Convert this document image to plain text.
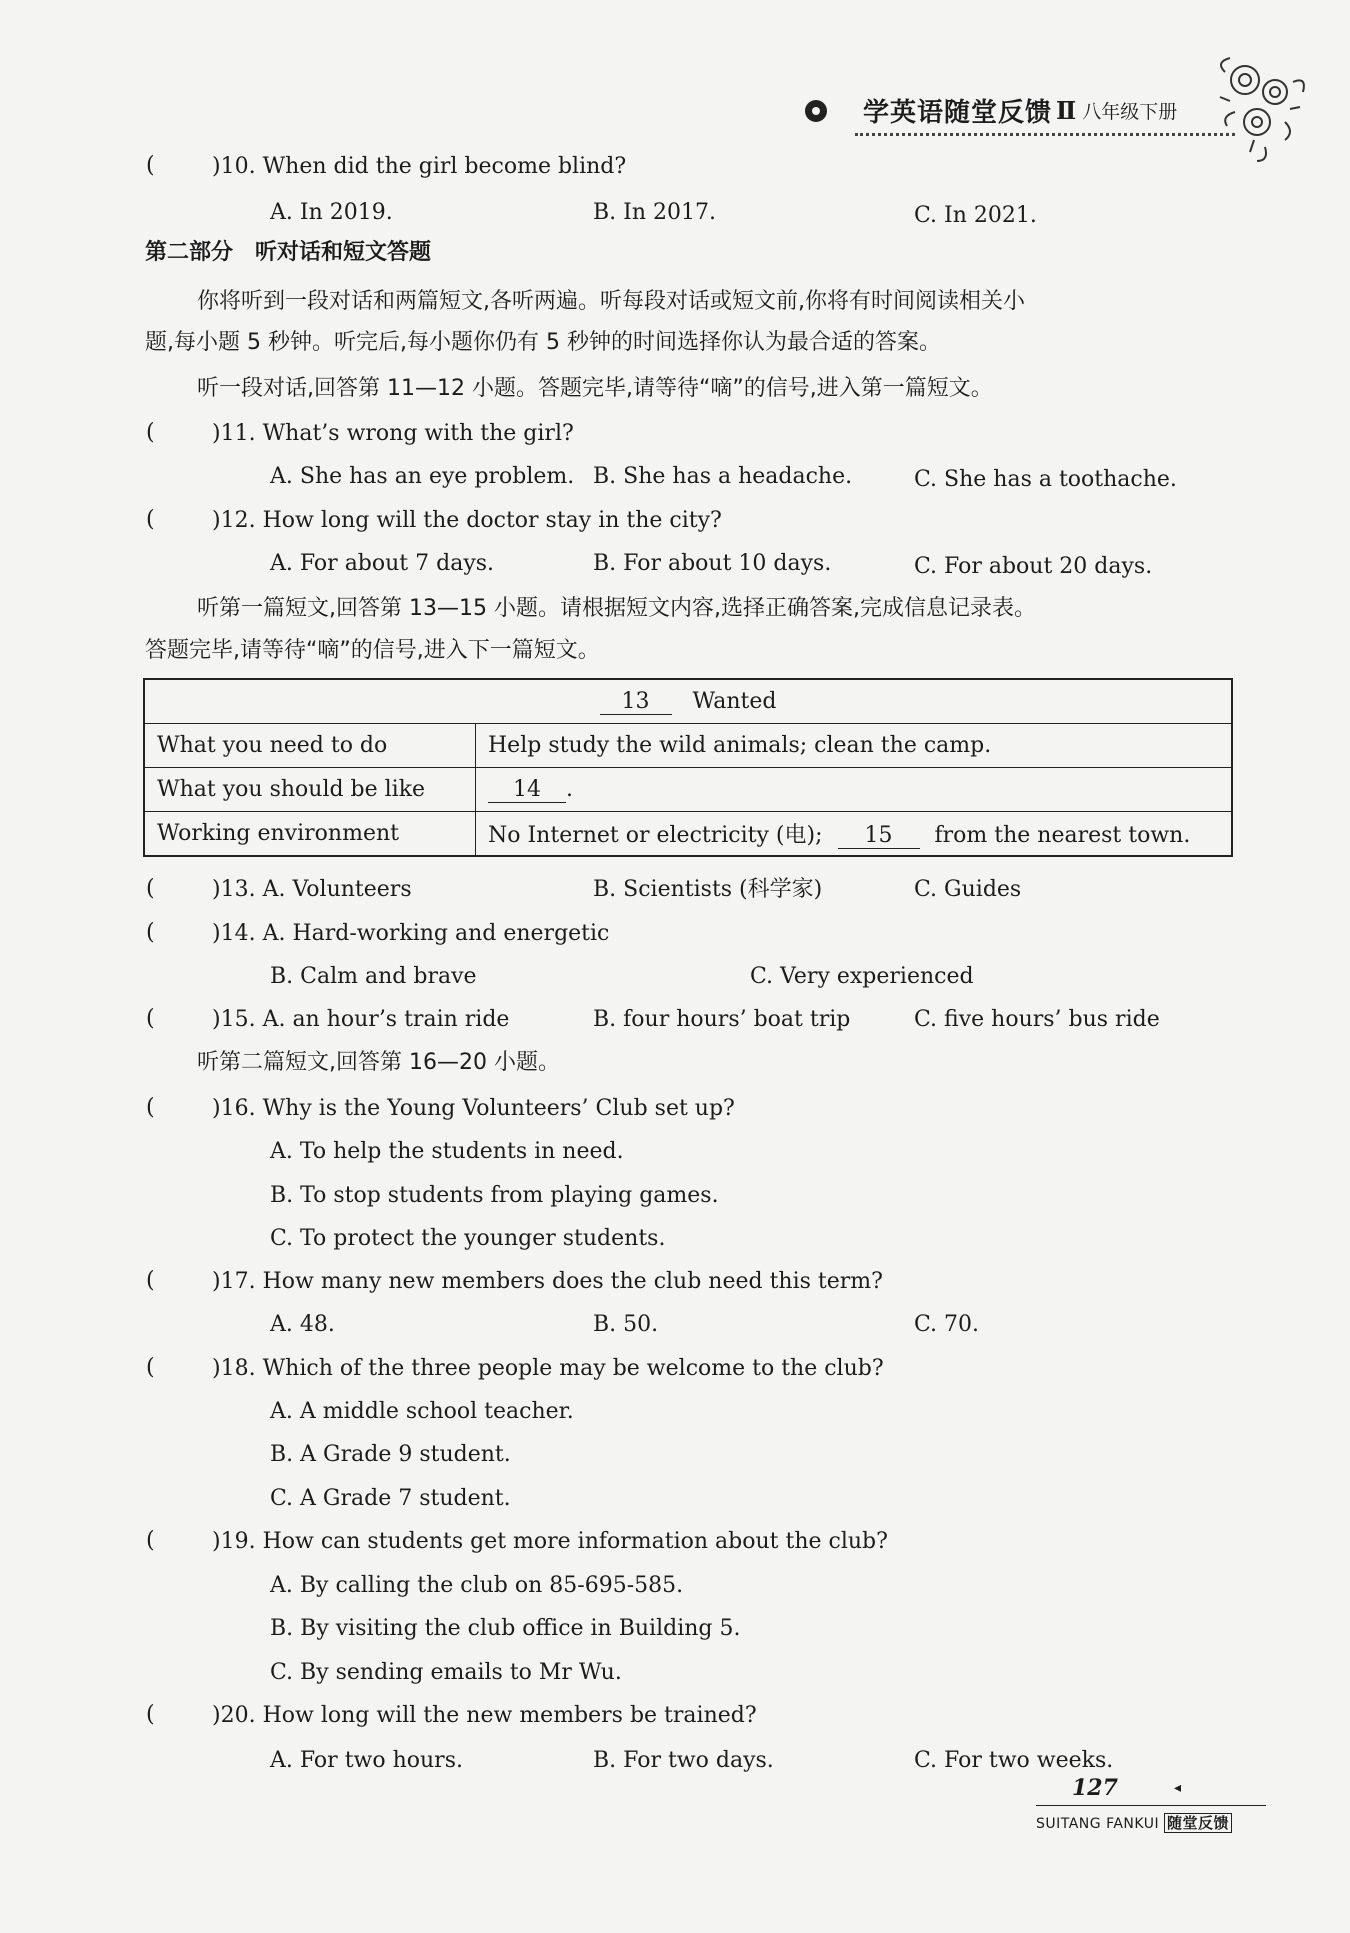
学英语随堂反馈 Ⅱ 八年级下册
(	)10. When did the girl become blind?
A. In 2019.	B. In 2017.	C. In 2021.
第二部分　听对话和短文答题
你将听到一段对话和两篇短文,各听两遍。听每段对话或短文前,你将有时间阅读相关小
题,每小题 5 秒钟。听完后,每小题你仍有 5 秒钟的时间选择你认为最合适的答案。
听一段对话,回答第 11—12 小题。答题完毕,请等待“嘀”的信号,进入第一篇短文。
(	)11. What’s wrong with the girl?
A. She has an eye problem. B. She has a headache.	C. She has a toothache.
(	)12. How long will the doctor stay in the city?
A. For about 7 days.	B. For about 10 days.	C. For about 20 days.
听第一篇短文,回答第 13—15 小题。请根据短文内容,选择正确答案,完成信息记录表。
答题完毕,请等待“嘀”的信号,进入下一篇短文。
13 Wanted	
What you need to do	Help study the wild animals; clean the camp.
What you should be like	14 .
Working environment	No Internet or electricity (电); 15 from the nearest town.
(	)13. A. Volunteers	B. Scientists (科学家)	C. Guides
(	)14. A. Hard-working and energetic
B. Calm and brave	C. Very experienced
(	)15. A. an hour’s train ride	B. four hours’ boat trip	C. five hours’ bus ride
听第二篇短文,回答第 16—20 小题。
(	)16. Why is the Young Volunteers’ Club set up?
A. To help the students in need.
B. To stop students from playing games.
C. To protect the younger students.
(	)17. How many new members does the club need this term?
A. 48.	B. 50.	C. 70.
(	)18. Which of the three people may be welcome to the club?
A. A middle school teacher.
B. A Grade 9 student.
C. A Grade 7 student.
(	)19. How can students get more information about the club?
A. By calling the club on 85-695-585.
B. By visiting the club office in Building 5.
C. By sending emails to Mr Wu.
(	)20. How long will the new members be trained?
A. For two hours.	B. For two days.	C. For two weeks.
127	◂
SUITANG FANKUI 随堂反馈
